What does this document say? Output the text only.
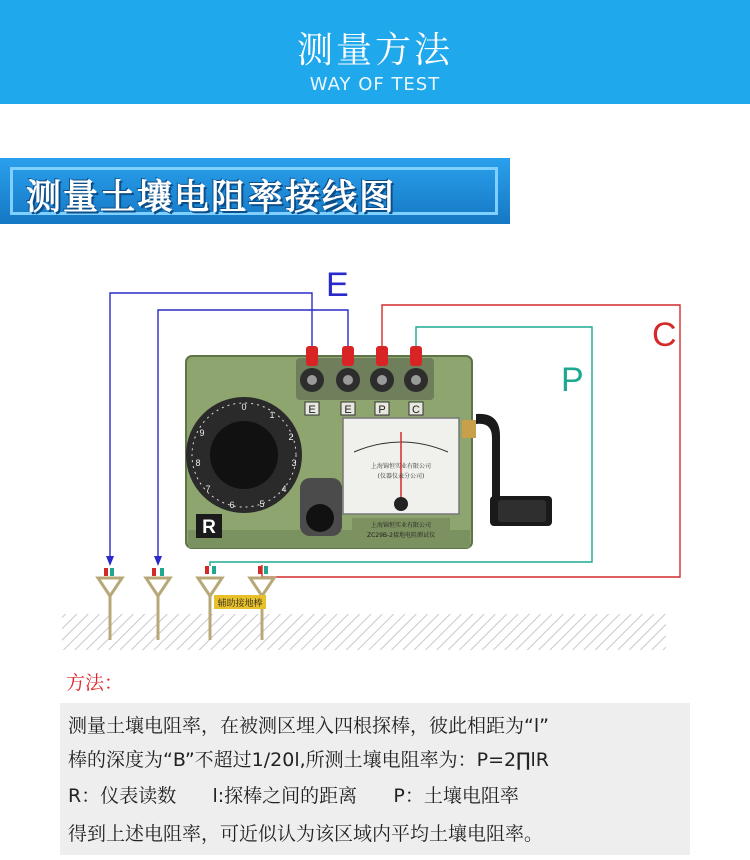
测量方法
WAY OF TEST
测量土壤电阻率接线图
E
C
P
E	E P C
0
1
2
3
4
5
6
7
8
9
R
上海锦恒实业有限公司
(仪器仪表分公司)
上海锦恒实业有限公司
ZC29B-2接地电阻测试仪
辅助接地棒
方法：
测量土壤电阻率，在被测区埋入四根探棒，彼此相距为“l”
棒的深度为“B”不超过1/20l,所测土壤电阻率为：P=2∏lR
R：仪表读数      l:探棒之间的距离      P：土壤电阻率
得到上述电阻率，可近似认为该区域内平均土壤电阻率。
